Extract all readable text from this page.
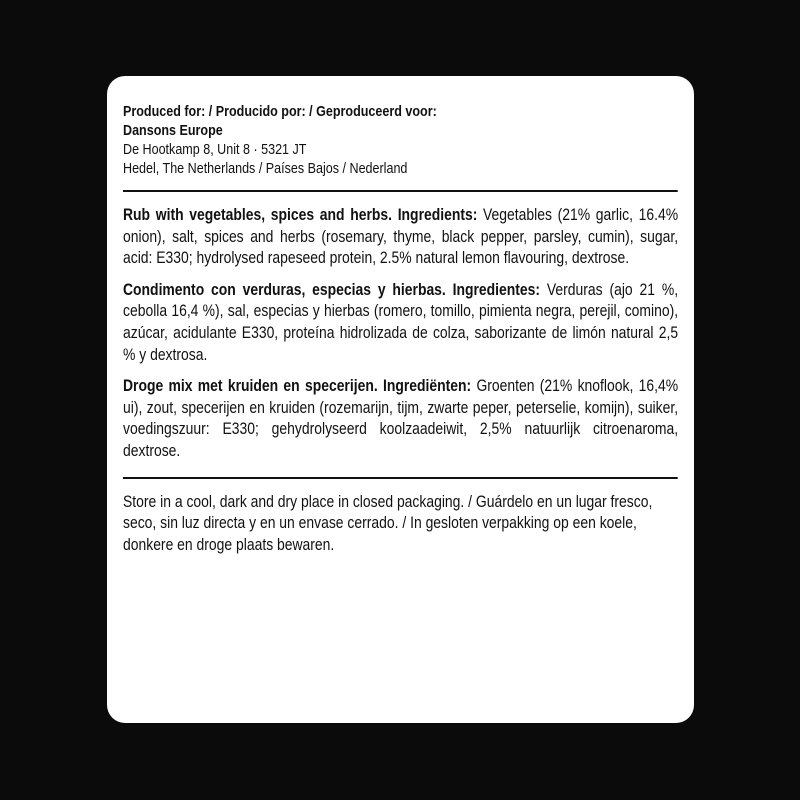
Produced for: / Producido por: / Geproduceerd voor:
Dansons Europe
De Hootkamp 8, Unit 8 · 5321 JT
Hedel, The Netherlands / Países Bajos / Nederland

Rub with vegetables, spices and herbs. Ingredients: Vegetables (21% garlic, 16.4% onion), salt, spices and herbs (rosemary, thyme, black pepper, parsley, cumin), sugar, acid: E330; hydrolysed rapeseed protein, 2.5% natural lemon flavouring, dextrose.

Condimento con verduras, especias y hierbas. Ingredientes: Verduras (ajo 21 %, cebolla 16,4 %), sal, especias y hierbas (romero, tomillo, pimienta negra, perejil, comino), azúcar, acidulante E330, proteína hidrolizada de colza, saborizante de limón natural 2,5 % y dextrosa.

Droge mix met kruiden en specerijen. Ingrediënten: Groenten (21% knoflook, 16,4% ui), zout, specerijen en kruiden (rozemarijn, tijm, zwarte peper, peterselie, komijn), suiker, voedingszuur: E330; gehydrolyseerd koolzaadeiwit, 2,5% natuurlijk citroenaroma, dextrose.

Store in a cool, dark and dry place in closed packaging. / Guárdelo en un lugar fresco, seco, sin luz directa y en un envase cerrado. / In gesloten verpakking op een koele, donkere en droge plaats bewaren.
